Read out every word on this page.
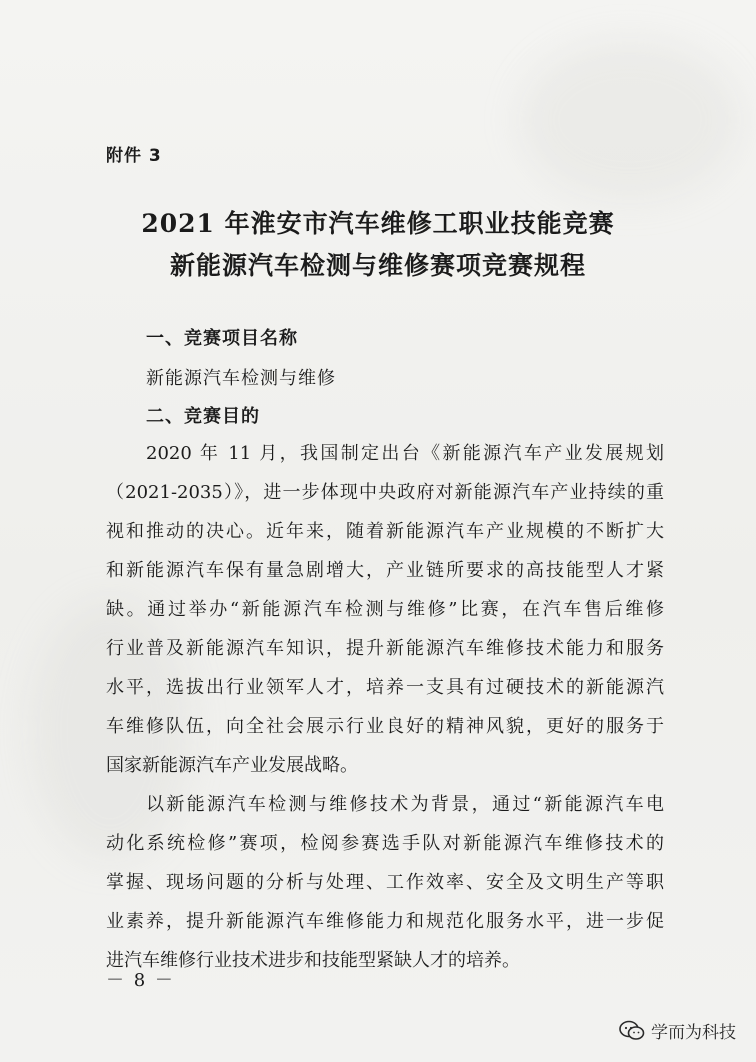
附件 3
2021 年淮安市汽车维修工职业技能竞赛
新能源汽车检测与维修赛项竞赛规程
一、竞赛项目名称
新能源汽车检测与维修
二、竞赛目的
2020 年 11 月，我国制定出台《新能源汽车产业发展规划
（2021-2035）》，进一步体现中央政府对新能源汽车产业持续的重
视和推动的决心。近年来，随着新能源汽车产业规模的不断扩大
和新能源汽车保有量急剧增大，产业链所要求的高技能型人才紧
缺。通过举办“新能源汽车检测与维修”比赛，在汽车售后维修
行业普及新能源汽车知识，提升新能源汽车维修技术能力和服务
水平，选拔出行业领军人才，培养一支具有过硬技术的新能源汽
车维修队伍，向全社会展示行业良好的精神风貌，更好的服务于
国家新能源汽车产业发展战略。
以新能源汽车检测与维修技术为背景，通过“新能源汽车电
动化系统检修”赛项，检阅参赛选手队对新能源汽车维修技术的
掌握、现场问题的分析与处理、工作效率、安全及文明生产等职
业素养，提升新能源汽车维修能力和规范化服务水平，进一步促
进汽车维修行业技术进步和技能型紧缺人才的培养。
－ 8 －
学而为科技
